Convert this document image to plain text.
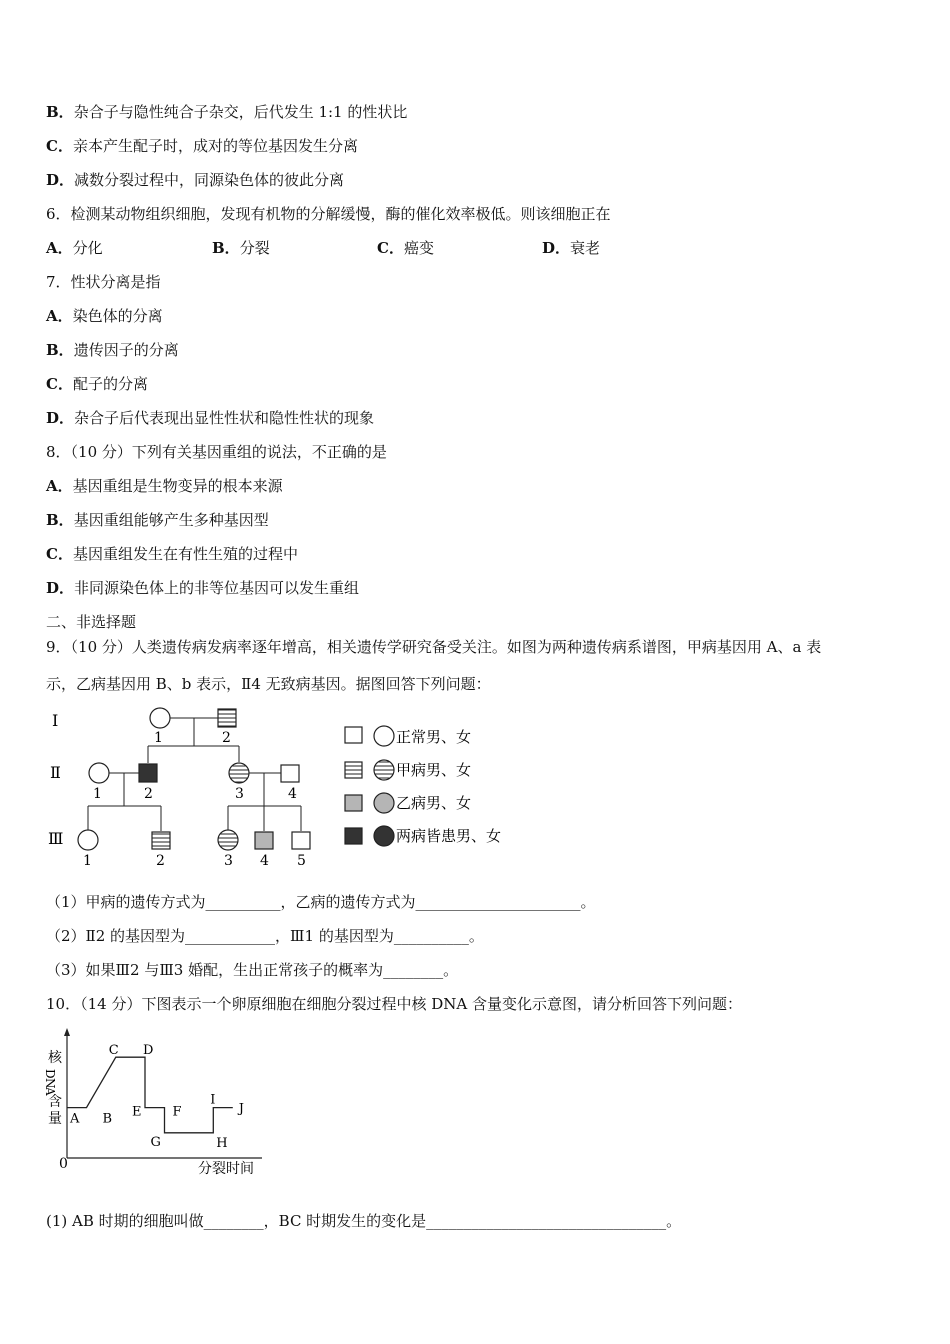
B．杂合子与隐性纯合子杂交，后代发生 1:1 的性状比
C．亲本产生配子时，成对的等位基因发生分离
D．减数分裂过程中，同源染色体的彼此分离
6．检测某动物组织细胞，发现有机物的分解缓慢，酶的催化效率极低。则该细胞正在
A．分化	B．分裂	C．癌变	D．衰老
7．性状分离是指
A．染色体的分离
B．遗传因子的分离
C．配子的分离
D．杂合子后代表现出显性性状和隐性性状的现象
8．（10 分）下列有关基因重组的说法，不正确的是
A．基因重组是生物变异的根本来源
B．基因重组能够产生多种基因型
C．基因重组发生在有性生殖的过程中
D．非同源染色体上的非等位基因可以发生重组
二、非选择题
9．（10 分）人类遗传病发病率逐年增高，相关遗传学研究备受关注。如图为两种遗传病系谱图，甲病基因用 A、a 表
示，乙病基因用 B、b 表示，Ⅱ4 无致病基因。据图回答下列问题：
Ⅰ
Ⅱ
Ⅲ
1	2
1	2	3	4
1	2	3 4 5
正常男、女
甲病男、女
乙病男、女
两病皆患男、女
（1）甲病的遗传方式为__________，乙病的遗传方式为______________________。
（2）Ⅱ2 的基因型为____________，Ⅲ1 的基因型为__________。
（3）如果Ⅲ2 与Ⅲ3 婚配，生出正常孩子的概率为________。
10．（14 分）下图表示一个卵原细胞在细胞分裂过程中核 DNA 含量变化示意图，请分析回答下列问题：
0	分裂时间
核
D
N
A
含
量 A B
C D
E F
G	H
I
J
(1) AB 时期的细胞叫做________，BC 时期发生的变化是________________________________。
